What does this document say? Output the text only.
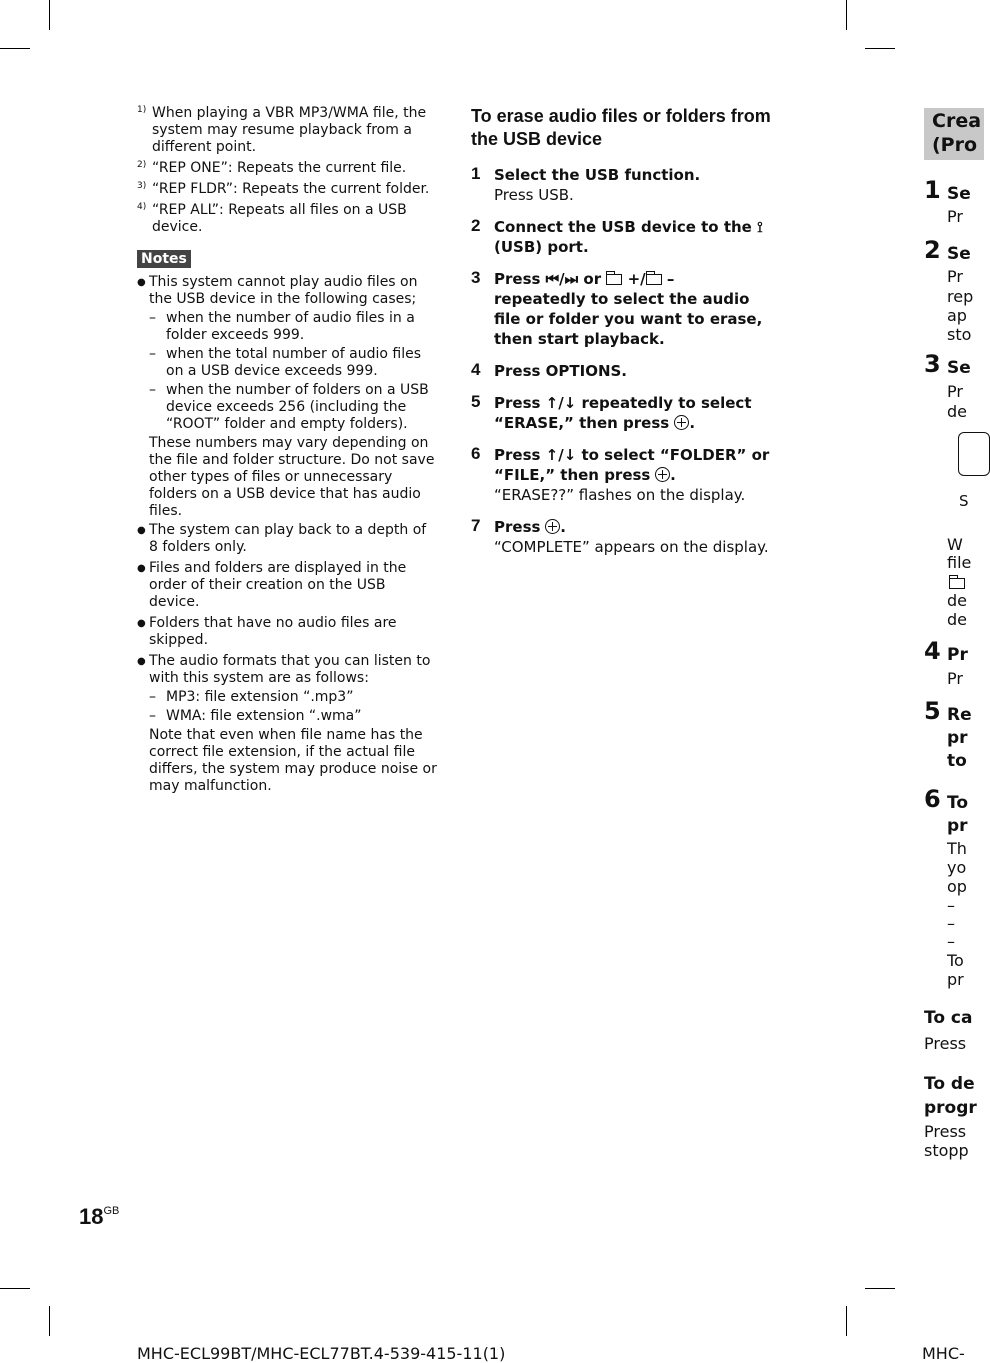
1) When playing a VBR MP3/WMA file, the system may resume playback from a different point.
2) “REP ONE”: Repeats the current file.
3) “REP FLDR”: Repeats the current folder.
4) “REP ALL”: Repeats all files on a USB device.
Notes
● This system cannot play audio files on the USB device in the following cases;
– when the number of audio files in a folder exceeds 999.
– when the total number of audio files on a USB device exceeds 999.
– when the number of folders on a USB device exceeds 256 (including the “ROOT” folder and empty folders).
These numbers may vary depending on the file and folder structure. Do not save other types of files or unnecessary folders on a USB device that has audio files.
● The system can play back to a depth of 8 folders only.
● Files and folders are displayed in the order of their creation on the USB device.
● Folders that have no audio files are skipped.
● The audio formats that you can listen to with this system are as follows:
– MP3: file extension “.mp3”
– WMA: file extension “.wma”
Note that even when file name has the correct file extension, if the actual file differs, the system may produce noise or may malfunction.
To erase audio files or folders from the USB device
1 Select the USB function.
Press USB.
2 Connect the USB device to the ⟟
(USB) port.
3 Press ⏮/⏭ or +/ – repeatedly to select the audio file or folder you want to erase, then start playback.
4 Press OPTIONS.
5 Press ↑/↓ repeatedly to select “ERASE,” then press .
6 Press ↑/↓ to select “FOLDER” or “FILE,” then press .
“ERASE??” flashes on the display.
7 Press .
“COMPLETE” appears on the display.
Crea
(Pro
1 Se
Pr
2 Se
Pr
rep
ap
sto
3 Se
Pr
de
S
W
file
de
de
4 Pr
Pr
5 Re
pr
to
6 To
pr
Th
yo
op
–
–
–
To
pr
To ca
Press
To de
progr
Press
stopp
$18^{GB}$
MHC-ECL99BT/MHC-ECL77BT.4-539-415-11(1)	MHC-
